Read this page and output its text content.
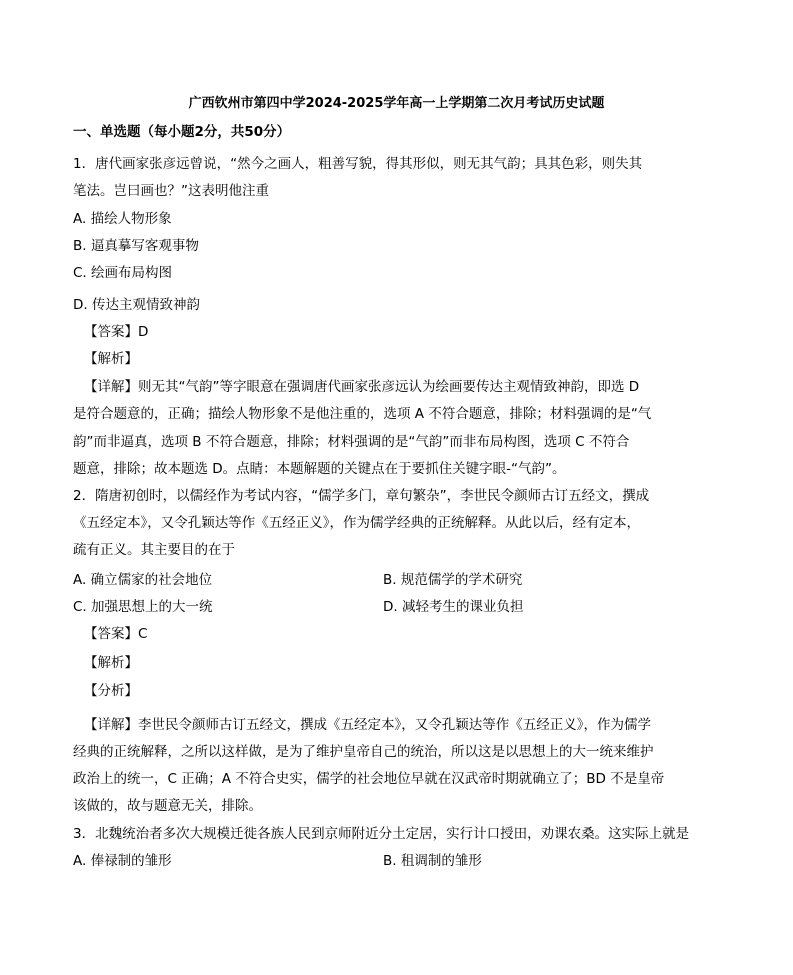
广西钦州市第四中学2024-2025学年高一上学期第二次月考试历史试题
一、单选题（每小题2分，共50分）
1．唐代画家张彦远曾说，“然今之画人，粗善写貌，得其形似，则无其气韵；具其色彩，则失其
笔法。岂曰画也？”这表明他注重
A. 描绘人物形象
B. 逼真摹写客观事物
C. 绘画布局构图
D. 传达主观情致神韵
【答案】D
【解析】
【详解】则无其“气韵”等字眼意在强调唐代画家张彦远认为绘画要传达主观情致神韵，即选 D
是符合题意的，正确；描绘人物形象不是他注重的，选项 A 不符合题意，排除；材料强调的是“气
韵”而非逼真，选项 B 不符合题意，排除；材料强调的是“气韵”而非布局构图，选项 C 不符合
题意，排除；故本题选 D。点睛：本题解题的关键点在于要抓住关键字眼-“气韵”。
2．隋唐初创时，以儒经作为考试内容，“儒学多门，章句繁杂”，李世民令颜师古订五经文，撰成
《五经定本》，又令孔颖达等作《五经正义》，作为儒学经典的正统解释。从此以后，经有定本，
疏有正义。其主要目的在于
A. 确立儒家的社会地位	B. 规范儒学的学术研究
C. 加强思想上的大一统	D. 减轻考生的课业负担
【答案】C
【解析】
【分析】
【详解】李世民令颜师古订五经文，撰成《五经定本》，又令孔颖达等作《五经正义》，作为儒学
经典的正统解释，之所以这样做，是为了维护皇帝自己的统治，所以这是以思想上的大一统来维护
政治上的统一，C 正确；A 不符合史实，儒学的社会地位早就在汉武帝时期就确立了；BD 不是皇帝
该做的，故与题意无关，排除。
3．北魏统治者多次大规模迁徙各族人民到京师附近分土定居，实行计口授田，劝课农桑。这实际上就是
A. 俸禄制的雏形	B. 租调制的雏形
